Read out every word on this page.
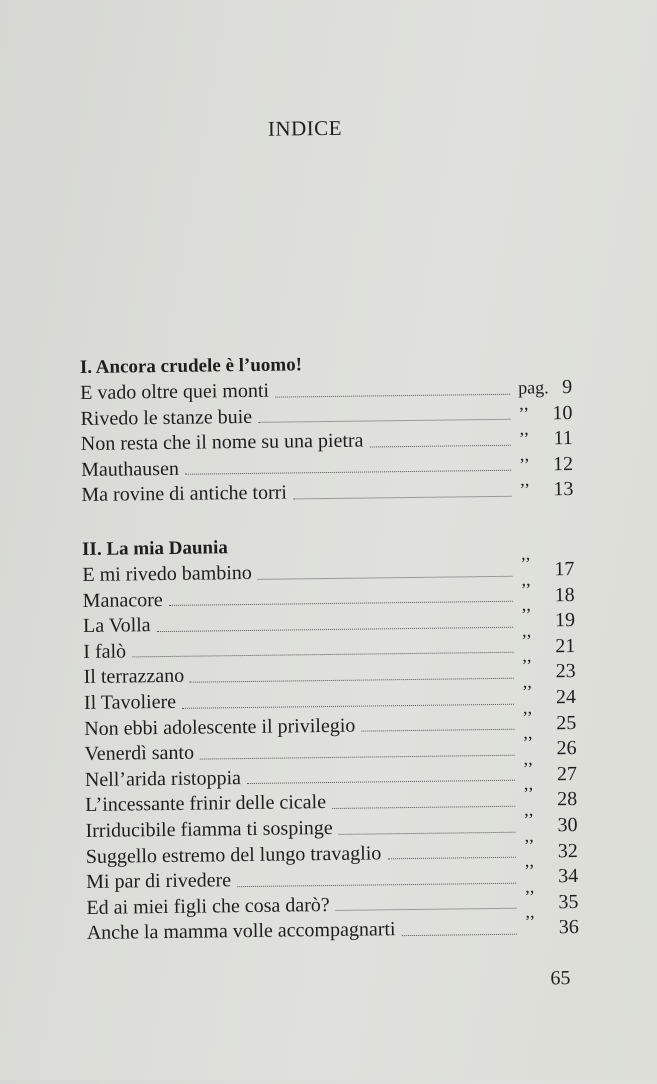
INDICE
I. Ancora crudele è l’uomo!
E vado oltre quei monti	pag. 9
Rivedo le stanze buie	’’	10
Non resta che il nome su una pietra	’’	11
Mauthausen	’’	12
Ma rovine di antiche torri	’’	13
II. La mia Daunia
E mi rivedo bambino	’’	17
Manacore	’’	18
La Volla	’’	19
I falò	’’	21
Il terrazzano	’’	23
Il Tavoliere	’’	24
Non ebbi adolescente il privilegio	’’	25
Venerdì santo	’’	26
Nell’arida ristoppia	’’	27
L’incessante frinir delle cicale	’’	28
Irriducibile fiamma ti sospinge	’’	30
Suggello estremo del lungo travaglio	’’	32
Mi par di rivedere	’’	34
Ed ai miei figli che cosa darò?	’’	35
Anche la mamma volle accompagnarti	’’	36
65
